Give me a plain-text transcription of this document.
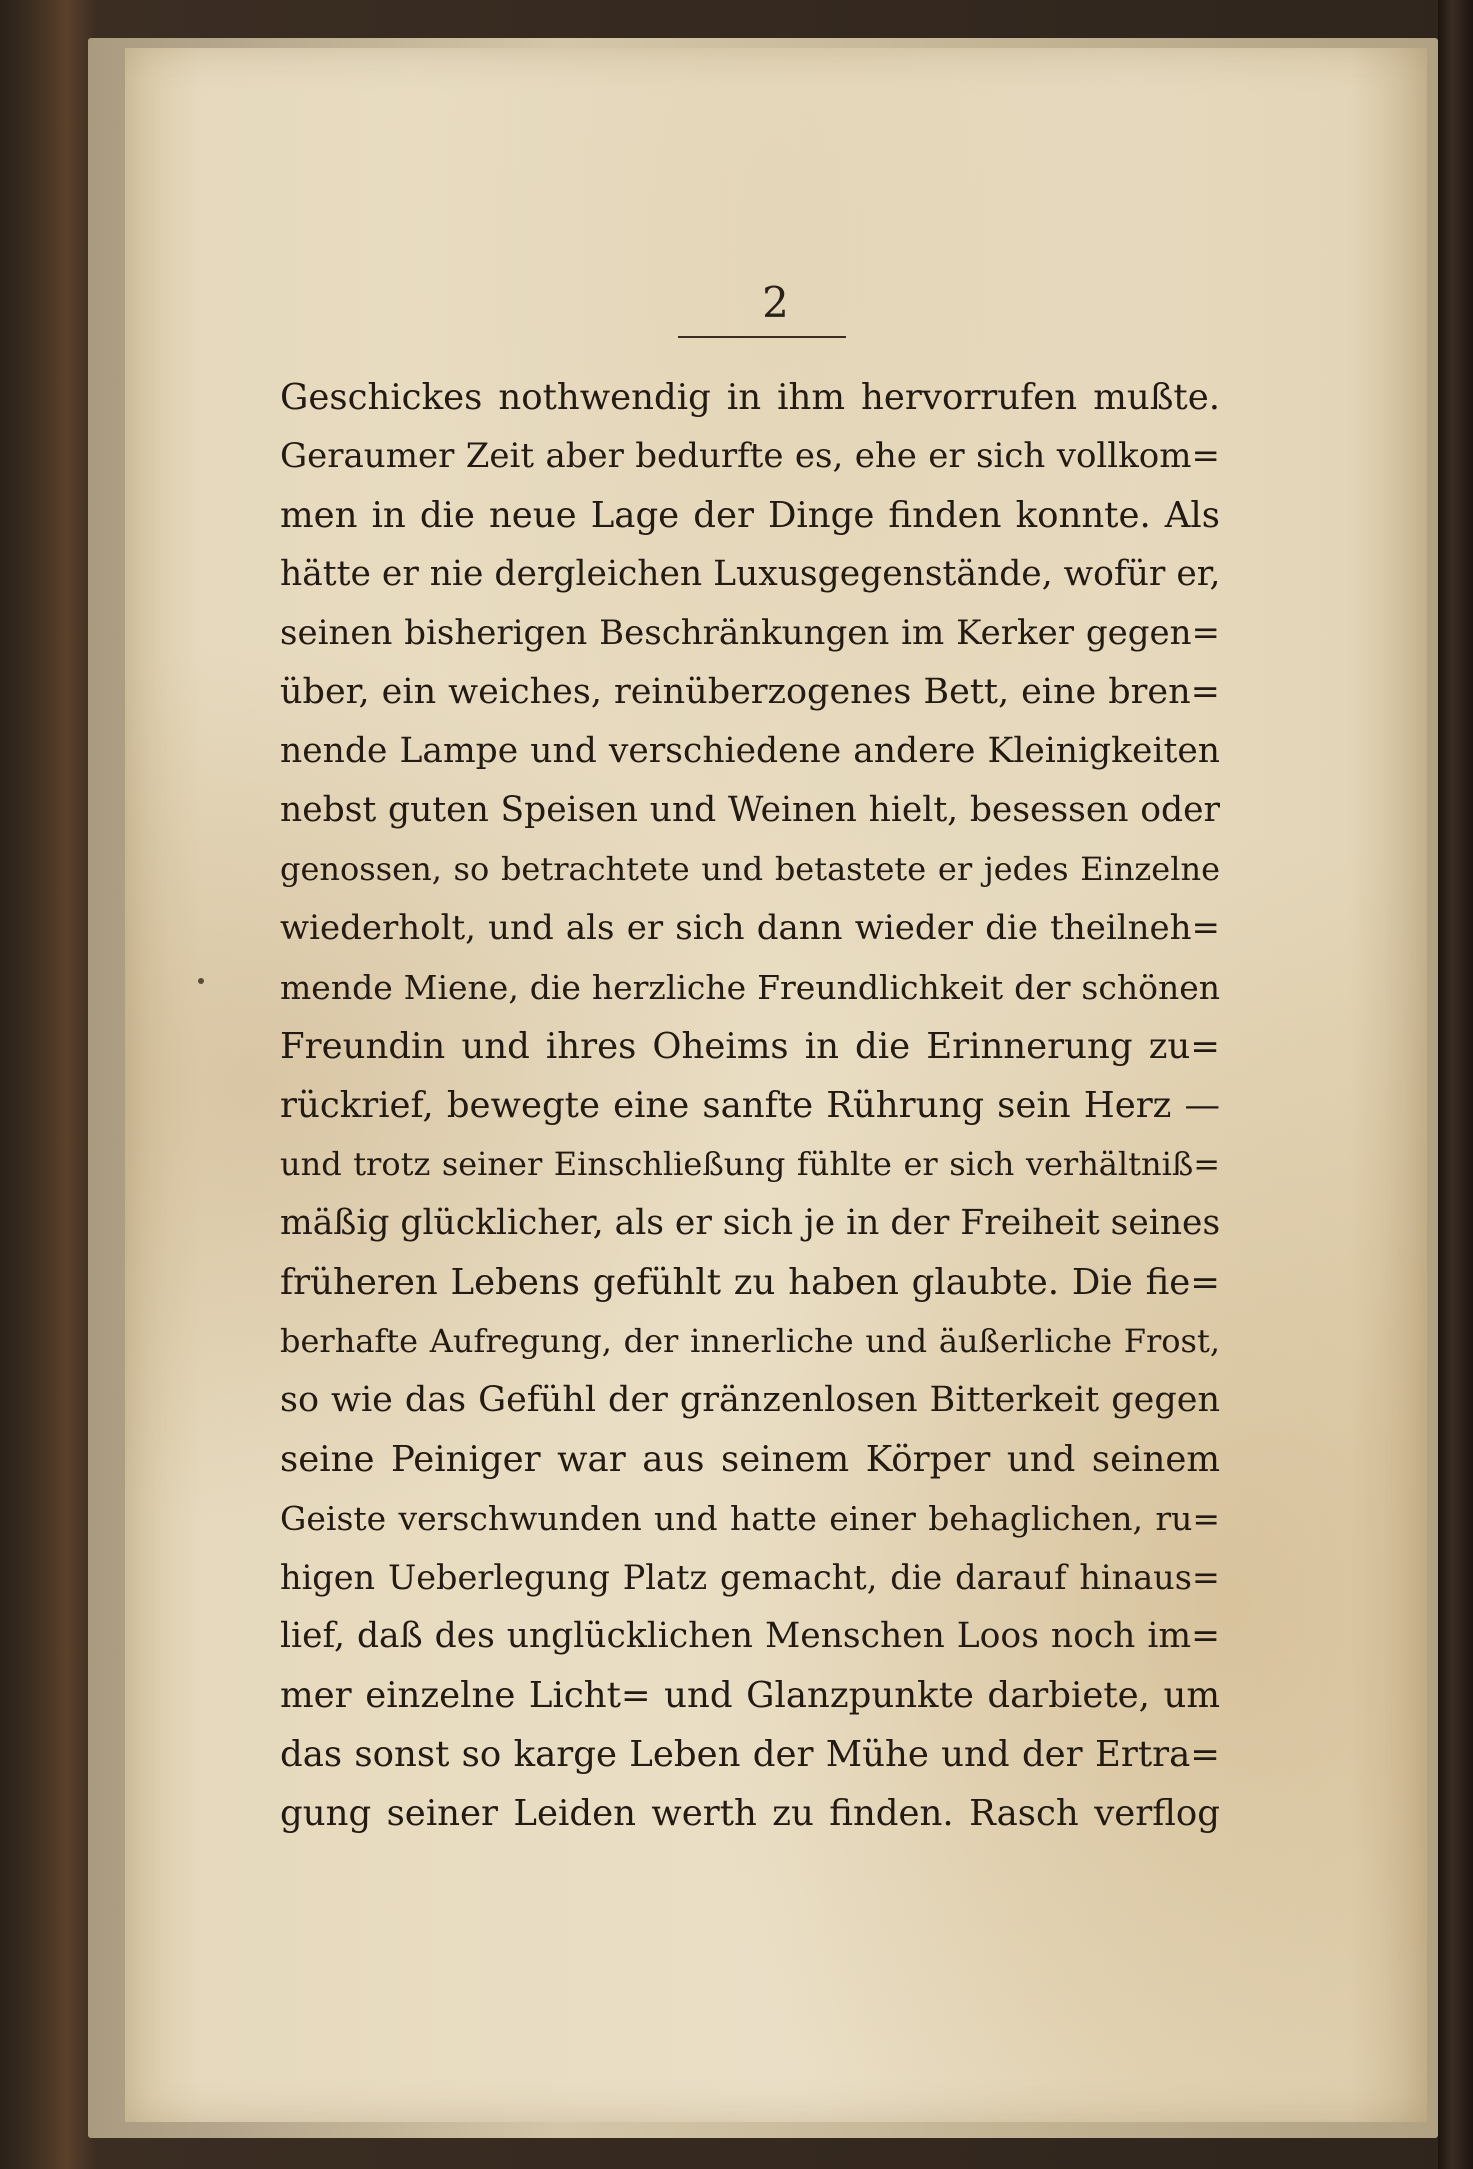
2
Geschickes nothwendig in ihm hervorrufen mußte.
Geraumer Zeit aber bedurfte es, ehe er sich vollkom=
men in die neue Lage der Dinge finden konnte. Als
hätte er nie dergleichen Luxusgegenstände, wofür er,
seinen bisherigen Beschränkungen im Kerker gegen=
über, ein weiches, reinüberzogenes Bett, eine bren=
nende Lampe und verschiedene andere Kleinigkeiten
nebst guten Speisen und Weinen hielt, besessen oder
genossen, so betrachtete und betastete er jedes Einzelne
wiederholt, und als er sich dann wieder die theilneh=
mende Miene, die herzliche Freundlichkeit der schönen
Freundin und ihres Oheims in die Erinnerung zu=
rückrief, bewegte eine sanfte Rührung sein Herz —
und trotz seiner Einschließung fühlte er sich verhältniß=
mäßig glücklicher, als er sich je in der Freiheit seines
früheren Lebens gefühlt zu haben glaubte. Die fie=
berhafte Aufregung, der innerliche und äußerliche Frost,
so wie das Gefühl der gränzenlosen Bitterkeit gegen
seine Peiniger war aus seinem Körper und seinem
Geiste verschwunden und hatte einer behaglichen, ru=
higen Ueberlegung Platz gemacht, die darauf hinaus=
lief, daß des unglücklichen Menschen Loos noch im=
mer einzelne Licht= und Glanzpunkte darbiete, um
das sonst so karge Leben der Mühe und der Ertra=
gung seiner Leiden werth zu finden. Rasch verflog
